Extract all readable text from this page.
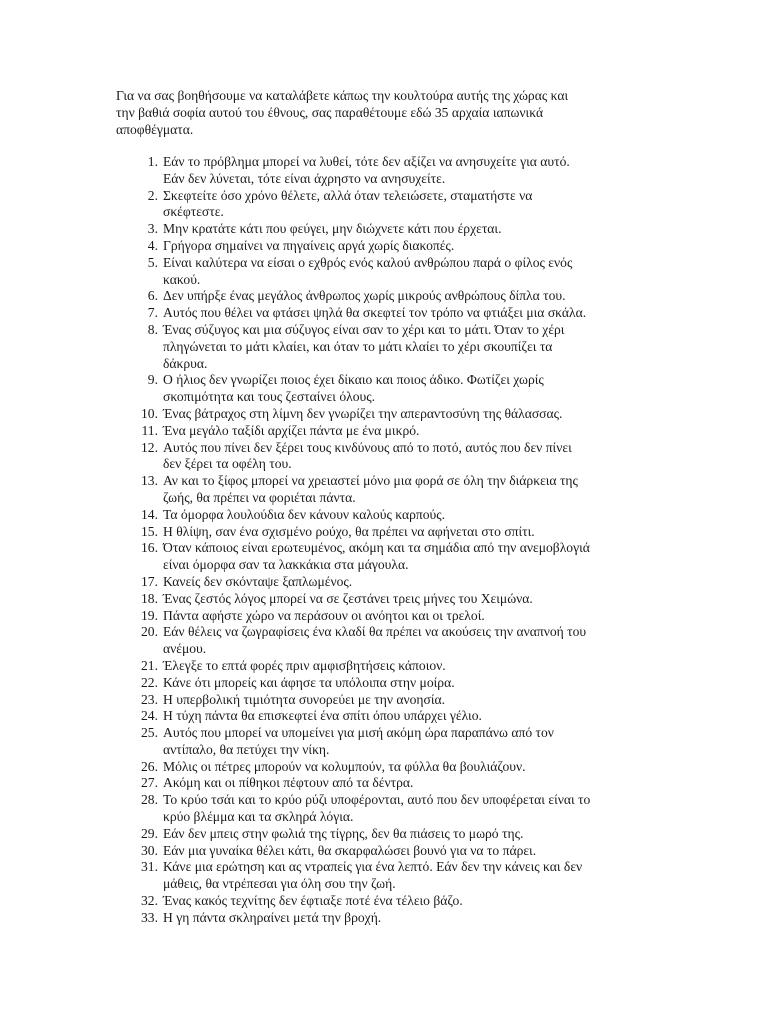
Για να σας βοηθήσουμε να καταλάβετε κάπως την κουλτούρα αυτής της χώρας και
την βαθιά σοφία αυτού του έθνους, σας παραθέτουμε εδώ 35 αρχαία ιαπωνικά
αποφθέγματα.

1. Εάν το πρόβλημα μπορεί να λυθεί, τότε δεν αξίζει να ανησυχείτε για αυτό.
Εάν δεν λύνεται, τότε είναι άχρηστο να ανησυχείτε.
2. Σκεφτείτε όσο χρόνο θέλετε, αλλά όταν τελειώσετε, σταματήστε να
σκέφτεστε.
3. Μην κρατάτε κάτι που φεύγει, μην διώχνετε κάτι που έρχεται.
4. Γρήγορα σημαίνει να πηγαίνεις αργά χωρίς διακοπές.
5. Είναι καλύτερα να είσαι ο εχθρός ενός καλού ανθρώπου παρά ο φίλος ενός
κακού.
6. Δεν υπήρξε ένας μεγάλος άνθρωπος χωρίς μικρούς ανθρώπους δίπλα του.
7. Αυτός που θέλει να φτάσει ψηλά θα σκεφτεί τον τρόπο να φτιάξει μια σκάλα.
8. Ένας σύζυγος και μια σύζυγος είναι σαν το χέρι και το μάτι. Όταν το χέρι
πληγώνεται το μάτι κλαίει, και όταν το μάτι κλαίει το χέρι σκουπίζει τα
δάκρυα.
9. Ο ήλιος δεν γνωρίζει ποιος έχει δίκαιο και ποιος άδικο. Φωτίζει χωρίς
σκοπιμότητα και τους ζεσταίνει όλους.
10. Ένας βάτραχος στη λίμνη δεν γνωρίζει την απεραντοσύνη της θάλασσας.
11. Ένα μεγάλο ταξίδι αρχίζει πάντα με ένα μικρό.
12. Αυτός που πίνει δεν ξέρει τους κινδύνους από το ποτό, αυτός που δεν πίνει
δεν ξέρει τα οφέλη του.
13. Αν και το ξίφος μπορεί να χρειαστεί μόνο μια φορά σε όλη την διάρκεια της
ζωής, θα πρέπει να φοριέται πάντα.
14. Τα όμορφα λουλούδια δεν κάνουν καλούς καρπούς.
15. Η θλίψη, σαν ένα σχισμένο ρούχο, θα πρέπει να αφήνεται στο σπίτι.
16. Όταν κάποιος είναι ερωτευμένος, ακόμη και τα σημάδια από την ανεμοβλογιά
είναι όμορφα σαν τα λακκάκια στα μάγουλα.
17. Κανείς δεν σκόνταψε ξαπλωμένος.
18. Ένας ζεστός λόγος μπορεί να σε ζεστάνει τρεις μήνες του Χειμώνα.
19. Πάντα αφήστε χώρο να περάσουν οι ανόητοι και οι τρελοί.
20. Εάν θέλεις να ζωγραφίσεις ένα κλαδί θα πρέπει να ακούσεις την αναπνοή του
ανέμου.
21. Έλεγξε το επτά φορές πριν αμφισβητήσεις κάποιον.
22. Κάνε ότι μπορείς και άφησε τα υπόλοιπα στην μοίρα.
23. Η υπερβολική τιμιότητα συνορεύει με την ανοησία.
24. Η τύχη πάντα θα επισκεφτεί ένα σπίτι όπου υπάρχει γέλιο.
25. Αυτός που μπορεί να υπομείνει για μισή ακόμη ώρα παραπάνω από τον
αντίπαλο, θα πετύχει την νίκη.
26. Μόλις οι πέτρες μπορούν να κολυμπούν, τα φύλλα θα βουλιάζουν.
27. Ακόμη και οι πίθηκοι πέφτουν από τα δέντρα.
28. Το κρύο τσάι και το κρύο ρύζι υποφέρονται, αυτό που δεν υποφέρεται είναι το
κρύο βλέμμα και τα σκληρά λόγια.
29. Εάν δεν μπεις στην φωλιά της τίγρης, δεν θα πιάσεις το μωρό της.
30. Εάν μια γυναίκα θέλει κάτι, θα σκαρφαλώσει βουνό για να το πάρει.
31. Κάνε μια ερώτηση και ας ντραπείς για ένα λεπτό. Εάν δεν την κάνεις και δεν
μάθεις, θα ντρέπεσαι για όλη σου την ζωή.
32. Ένας κακός τεχνίτης δεν έφτιαξε ποτέ ένα τέλειο βάζο.
33. Η γη πάντα σκληραίνει μετά την βροχή.
